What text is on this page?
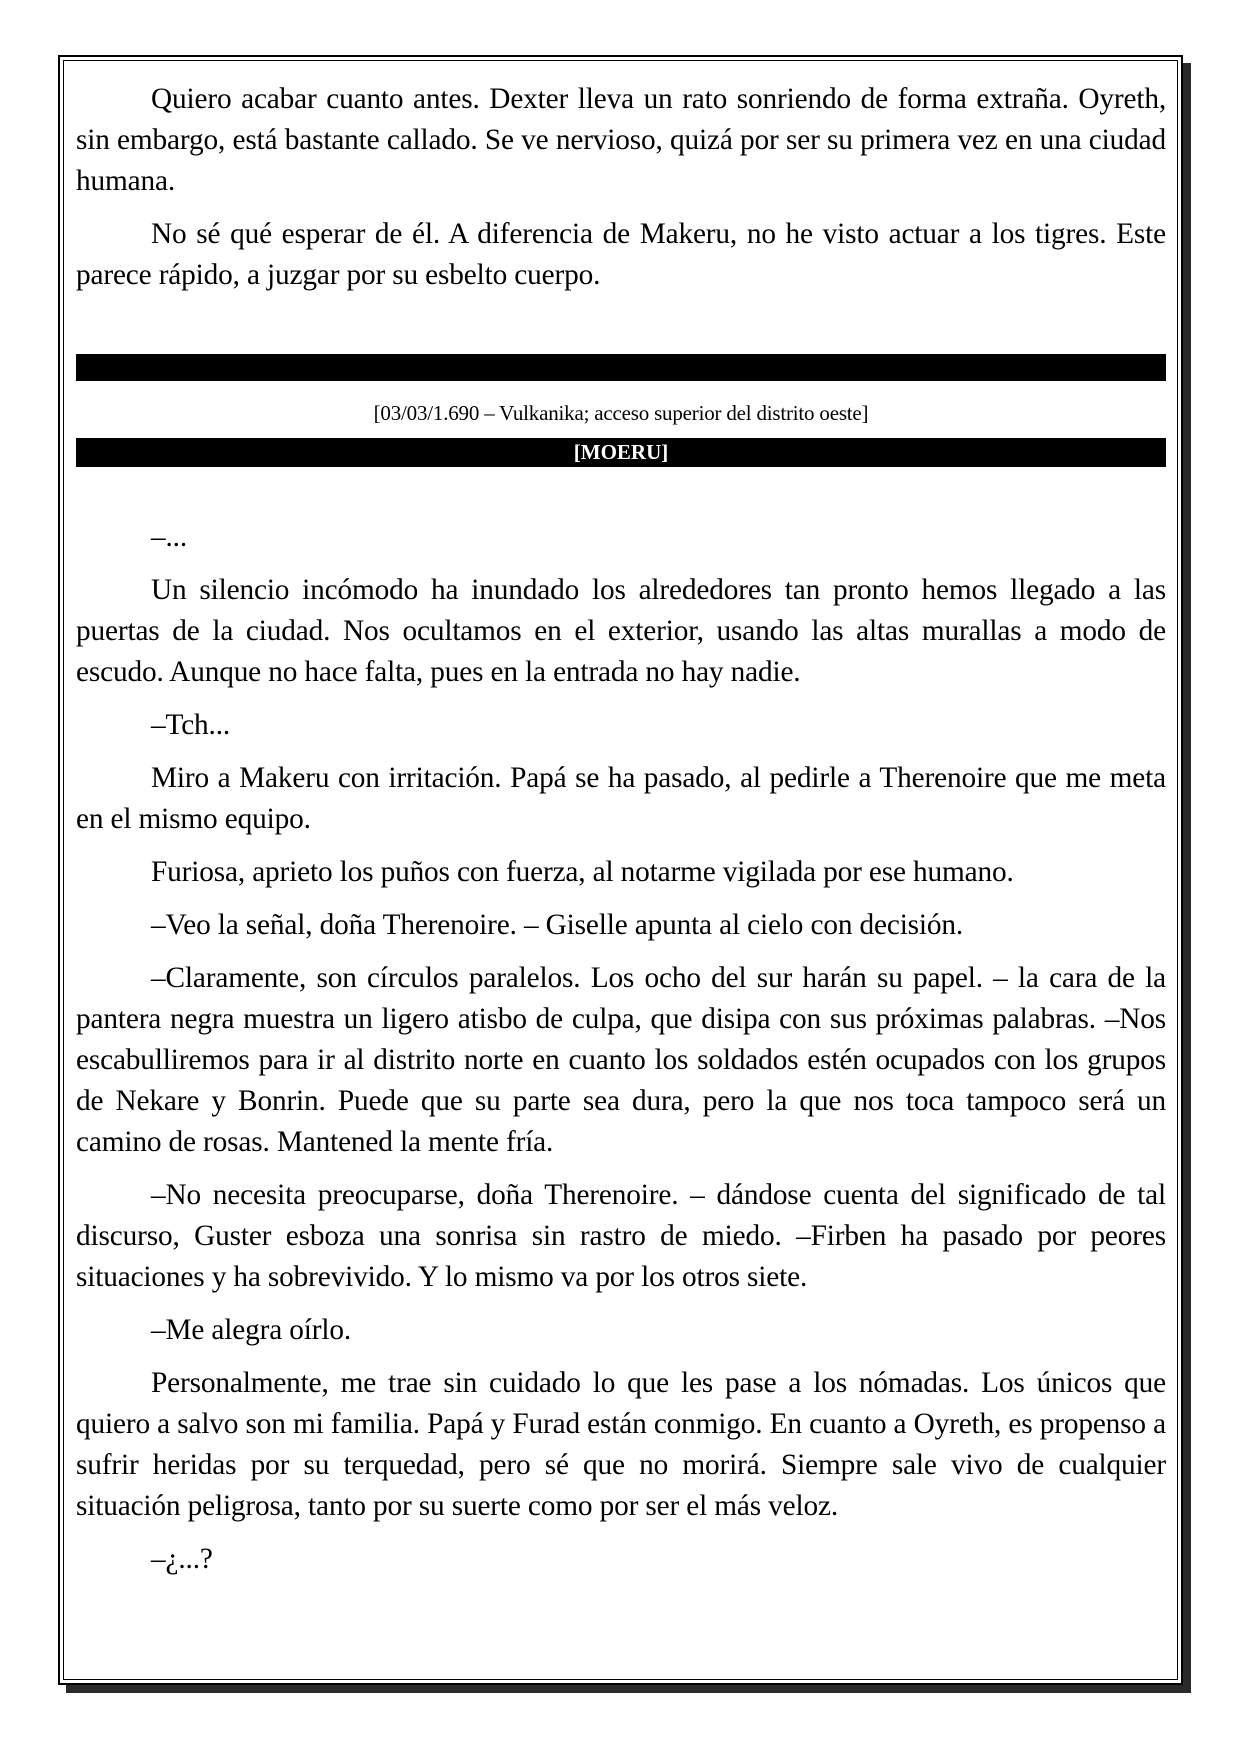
Quiero acabar cuanto antes. Dexter lleva un rato sonriendo de forma extraña. Oyreth, sin embargo, está bastante callado. Se ve nervioso, quizá por ser su primera vez en una ciudad humana.

No sé qué esperar de él. A diferencia de Makeru, no he visto actuar a los tigres. Este parece rápido, a juzgar por su esbelto cuerpo.

[03/03/1.690 – Vulkanika; acceso superior del distrito oeste]
[MOERU]

–...

Un silencio incómodo ha inundado los alrededores tan pronto hemos llegado a las puertas de la ciudad. Nos ocultamos en el exterior, usando las altas murallas a modo de escudo. Aunque no hace falta, pues en la entrada no hay nadie.

–Tch...

Miro a Makeru con irritación. Papá se ha pasado, al pedirle a Therenoire que me meta en el mismo equipo.

Furiosa, aprieto los puños con fuerza, al notarme vigilada por ese humano.

–Veo la señal, doña Therenoire. – Giselle apunta al cielo con decisión.

–Claramente, son círculos paralelos. Los ocho del sur harán su papel. – la cara de la pantera negra muestra un ligero atisbo de culpa, que disipa con sus próximas palabras. –Nos escabulliremos para ir al distrito norte en cuanto los soldados estén ocupados con los grupos de Nekare y Bonrin. Puede que su parte sea dura, pero la que nos toca tampoco será un camino de rosas. Mantened la mente fría.

–No necesita preocuparse, doña Therenoire. – dándose cuenta del significado de tal discurso, Guster esboza una sonrisa sin rastro de miedo. –Firben ha pasado por peores situaciones y ha sobrevivido. Y lo mismo va por los otros siete.

–Me alegra oírlo.

Personalmente, me trae sin cuidado lo que les pase a los nómadas. Los únicos que quiero a salvo son mi familia. Papá y Furad están conmigo. En cuanto a Oyreth, es propenso a sufrir heridas por su terquedad, pero sé que no morirá. Siempre sale vivo de cualquier situación peligrosa, tanto por su suerte como por ser el más veloz.

–¿...?
